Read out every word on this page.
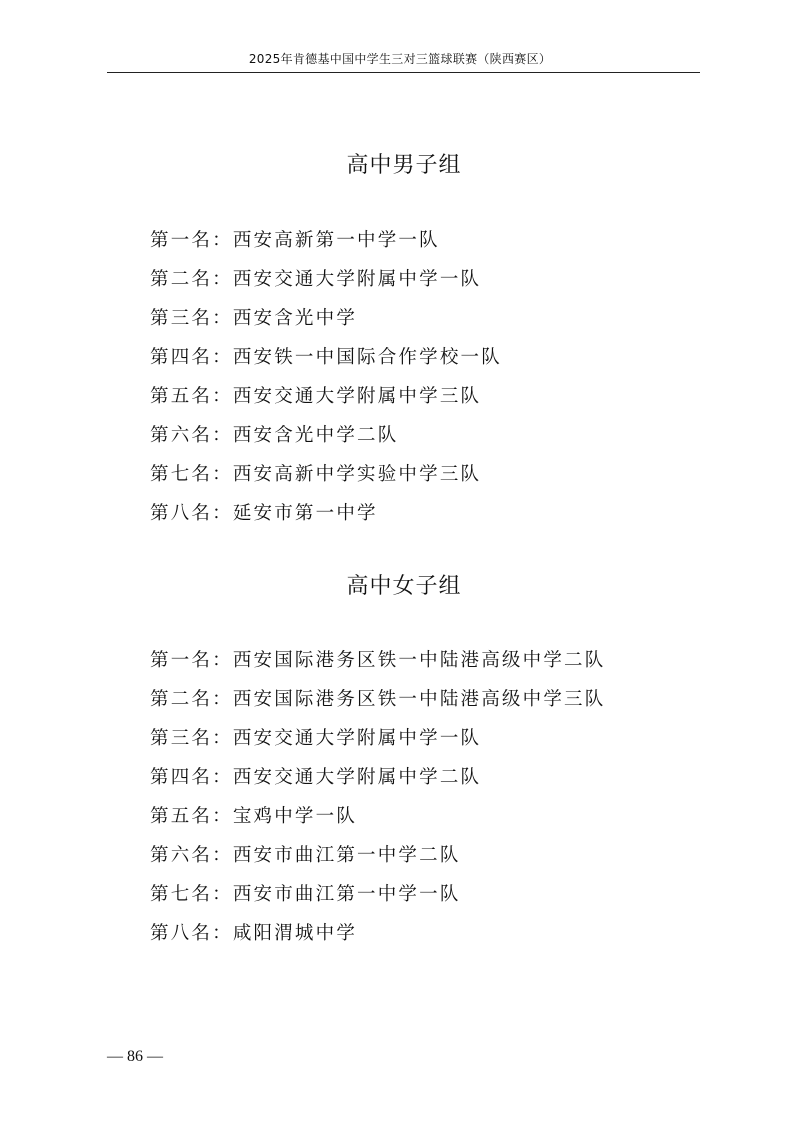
2025年肯德基中国中学生三对三篮球联赛（陕西赛区）
高中男子组
第一名：西安高新第一中学一队
第二名：西安交通大学附属中学一队
第三名：西安含光中学
第四名：西安铁一中国际合作学校一队
第五名：西安交通大学附属中学三队
第六名：西安含光中学二队
第七名：西安高新中学实验中学三队
第八名：延安市第一中学
高中女子组
第一名：西安国际港务区铁一中陆港高级中学二队
第二名：西安国际港务区铁一中陆港高级中学三队
第三名：西安交通大学附属中学一队
第四名：西安交通大学附属中学二队
第五名：宝鸡中学一队
第六名：西安市曲江第一中学二队
第七名：西安市曲江第一中学一队
第八名：咸阳渭城中学
— 86 —
